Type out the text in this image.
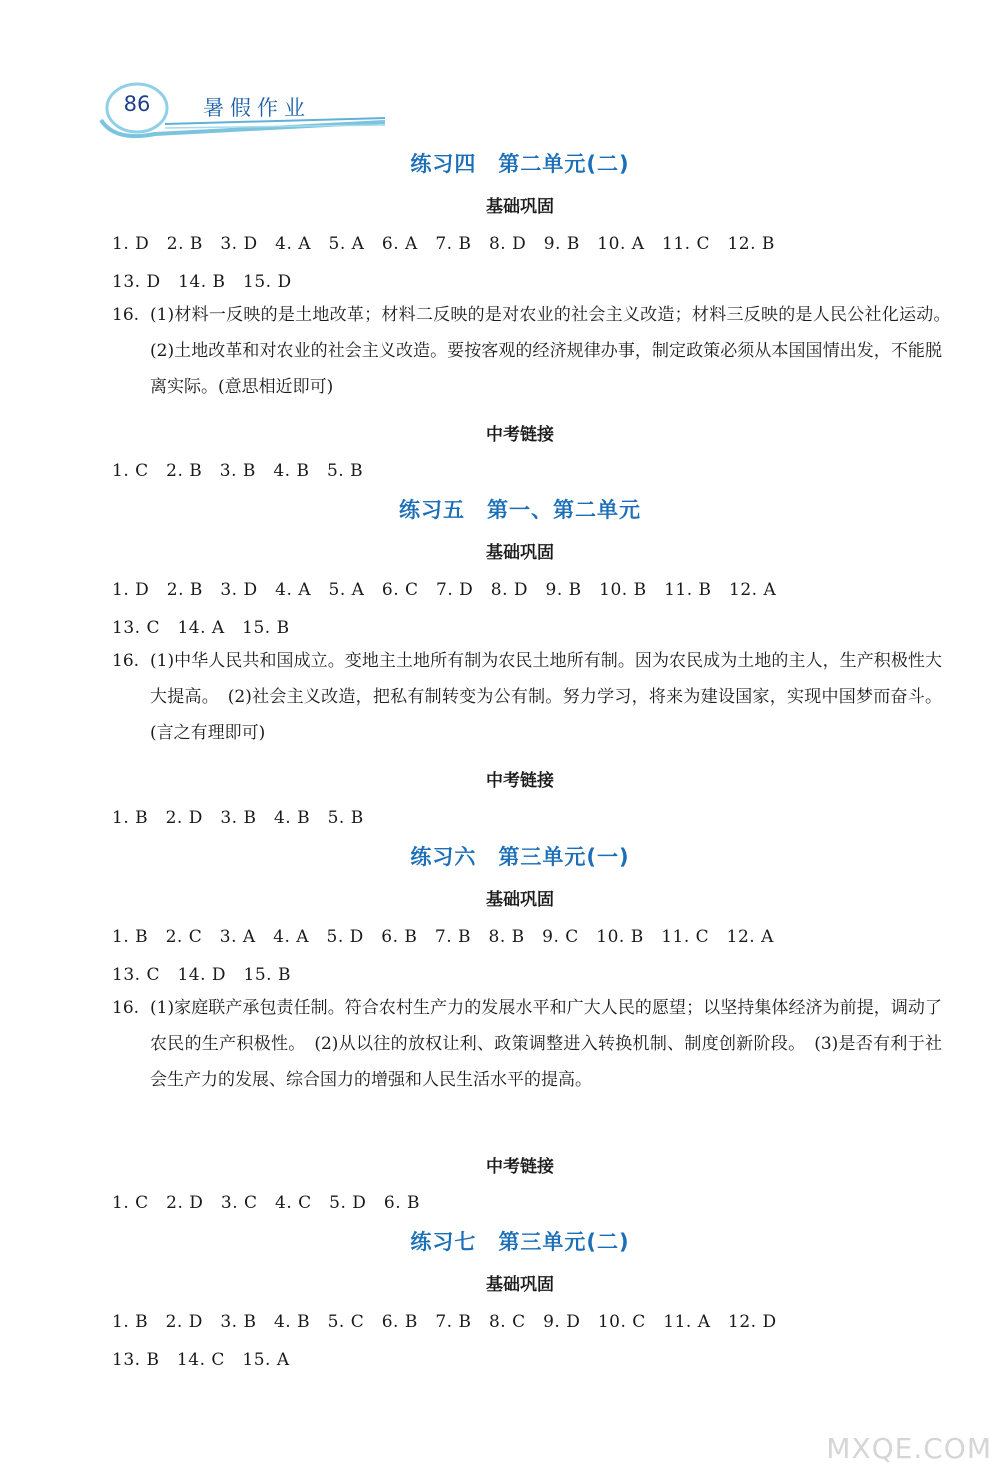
86	暑假作业
练习四　第二单元(二)
基础巩固
1. D　2. B　3. D　4. A　5. A　6. A　7. B　8. D　9. B　10. A　11. C　12. B
13. D　14. B　15. D
16. (1)材料一反映的是土地改革；材料二反映的是对农业的社会主义改造；材料三反映的是人民公社化运动。　(2)土地改革和对农业的社会主义改造。要按客观的经济规律办事，制定政策必须从本国国情出发，不能脱离实际。(意思相近即可)
中考链接
1. C　2. B　3. B　4. B　5. B
练习五　第一、第二单元
基础巩固
1. D　2. B　3. D　4. A　5. A　6. C　7. D　8. D　9. B　10. B　11. B　12. A
13. C　14. A　15. B
16. (1)中华人民共和国成立。变地主土地所有制为农民土地所有制。因为农民成为土地的主人，生产积极性大大提高。　(2)社会主义改造，把私有制转变为公有制。努力学习，将来为建设国家，实现中国梦而奋斗。(言之有理即可)
中考链接
1. B　2. D　3. B　4. B　5. B
练习六　第三单元(一)
基础巩固
1. B　2. C　3. A　4. A　5. D　6. B　7. B　8. B　9. C　10. B　11. C　12. A
13. C　14. D　15. B
16. (1)家庭联产承包责任制。符合农村生产力的发展水平和广大人民的愿望；以坚持集体经济为前提，调动了农民的生产积极性。　(2)从以往的放权让利、政策调整进入转换机制、制度创新阶段。　(3)是否有利于社会生产力的发展、综合国力的增强和人民生活水平的提高。
中考链接
1. C　2. D　3. C　4. C　5. D　6. B
练习七　第三单元(二)
基础巩固
1. B　2. D　3. B　4. B　5. C　6. B　7. B　8. C　9. D　10. C　11. A　12. D
13. B　14. C　15. A
MXQE.COM
